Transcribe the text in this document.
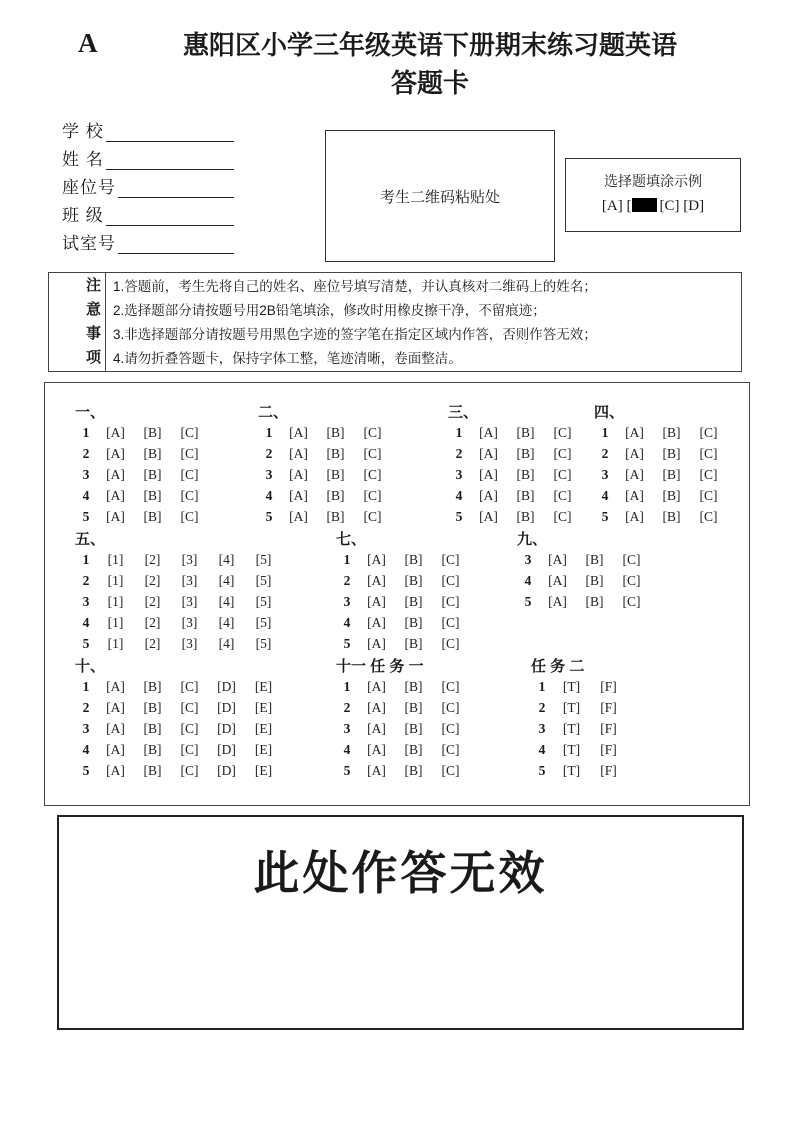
A	惠阳区小学三年级英语下册期末练习题英语
答题卡
学 校
姓 名
座位号
班 级
试室号
考生二维码粘贴处
选择题填涂示例
[A] [ [C] [D]
注
意
事
项
1.答题前，考生先将自己的姓名、座位号填写清楚，并认真核对二维码上的姓名；
2.选择题部分请按题号用2B铅笔填涂，修改时用橡皮擦干净，不留痕迹；
3.非选择题部分请按题号用黑色字迹的签字笔在指定区域内作答，否则作答无效；
4.请勿折叠答题卡，保持字体工整，笔迹清晰，卷面整洁。
一、
1	[A]	[B]	[C]
2	[A]	[B]	[C]
3	[A]	[B]	[C]
4	[A]	[B]	[C]
5	[A]	[B]	[C]
二、
1	[A]	[B]	[C]
2	[A]	[B]	[C]
3	[A]	[B]	[C]
4	[A]	[B]	[C]
5	[A]	[B]	[C]
三、
1	[A]	[B]	[C]
2	[A]	[B]	[C]
3	[A]	[B]	[C]
4	[A]	[B]	[C]
5	[A]	[B]	[C]
四、
1	[A]	[B]	[C]
2	[A]	[B]	[C]
3	[A]	[B]	[C]
4	[A]	[B]	[C]
5	[A]	[B]	[C]
五、
1	[1]	[2]	[3]	[4]	[5]
2	[1]	[2]	[3]	[4]	[5]
3	[1]	[2]	[3]	[4]	[5]
4	[1]	[2]	[3]	[4]	[5]
5	[1]	[2]	[3]	[4]	[5]
七、
1	[A]	[B]	[C]
2	[A]	[B]	[C]
3	[A]	[B]	[C]
4	[A]	[B]	[C]
5	[A]	[B]	[C]
九、
3	[A]	[B]	[C]
4	[A]	[B]	[C]
5	[A]	[B]	[C]
十、
1	[A]	[B]	[C]	[D]	[E]
2	[A]	[B]	[C]	[D]	[E]
3	[A]	[B]	[C]	[D]	[E]
4	[A]	[B]	[C]	[D]	[E]
5	[A]	[B]	[C]	[D]	[E]
十一 任 务 一
1	[A]	[B]	[C]
2	[A]	[B]	[C]
3	[A]	[B]	[C]
4	[A]	[B]	[C]
5	[A]	[B]	[C]
任 务 二
1	[T]	[F]
2	[T]	[F]
3	[T]	[F]
4	[T]	[F]
5	[T]	[F]
此处作答无效
